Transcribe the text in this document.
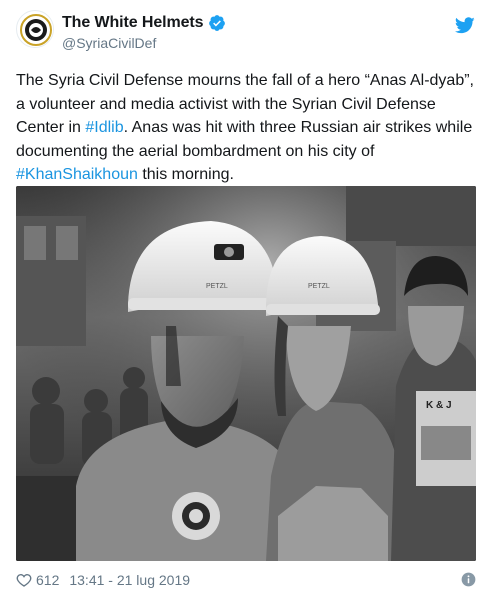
The White Helmets
@SyriaCivilDef
The Syria Civil Defense mourns the fall of a hero “Anas Al-dyab”, a volunteer and media activist with the Syrian Civil Defense Center in #Idlib. Anas was hit with three Russian air strikes while documenting the aerial bombardment on his city of #KhanShaikhoun this morning.
PETZL	PETZL
K & J
612 13:41 - 21 lug 2019
